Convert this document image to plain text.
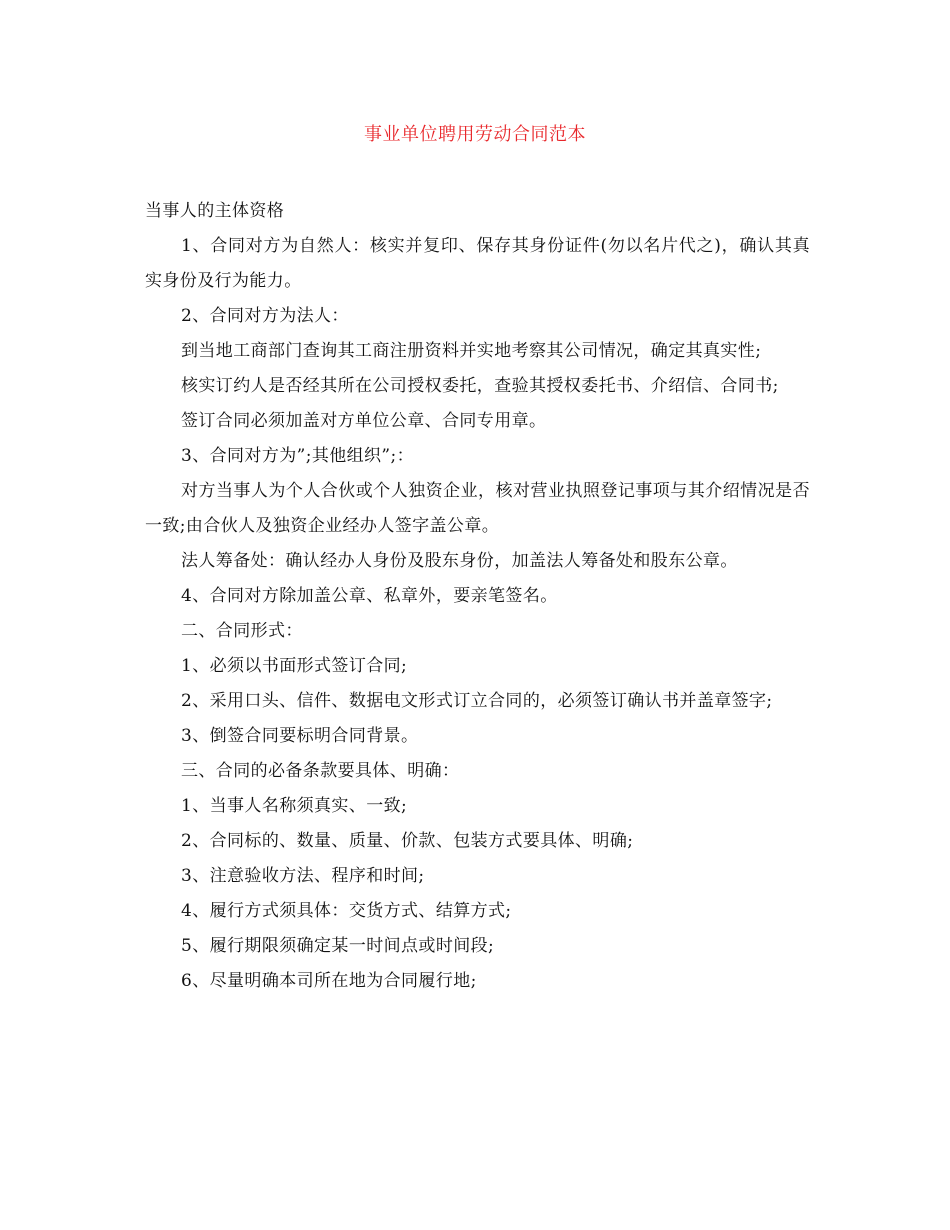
事业单位聘用劳动合同范本

当事人的主体资格

1、合同对方为自然人：核实并复印、保存其身份证件(勿以名片代之)，确认其真实身份及行为能力。

2、合同对方为法人：

到当地工商部门查询其工商注册资料并实地考察其公司情况，确定其真实性;

核实订约人是否经其所在公司授权委托，查验其授权委托书、介绍信、合同书;

签订合同必须加盖对方单位公章、合同专用章。

3、合同对方为”;其他组织”;：

对方当事人为个人合伙或个人独资企业，核对营业执照登记事项与其介绍情况是否一致;由合伙人及独资企业经办人签字盖公章。

法人筹备处：确认经办人身份及股东身份，加盖法人筹备处和股东公章。

4、合同对方除加盖公章、私章外，要亲笔签名。

二、合同形式：

1、必须以书面形式签订合同;

2、采用口头、信件、数据电文形式订立合同的，必须签订确认书并盖章签字;

3、倒签合同要标明合同背景。

三、合同的必备条款要具体、明确：

1、当事人名称须真实、一致;

2、合同标的、数量、质量、价款、包装方式要具体、明确;

3、注意验收方法、程序和时间;

4、履行方式须具体：交货方式、结算方式;

5、履行期限须确定某一时间点或时间段;

6、尽量明确本司所在地为合同履行地;
